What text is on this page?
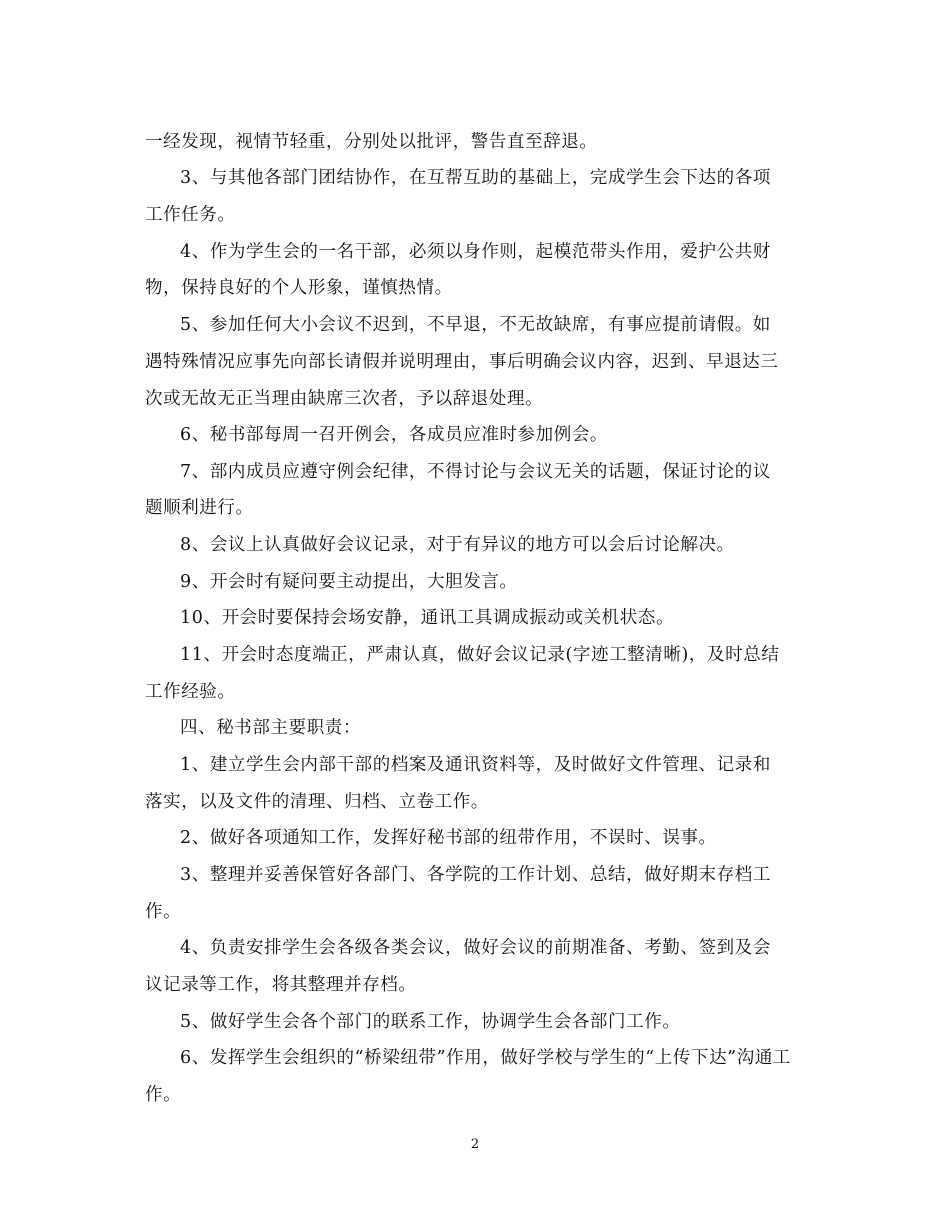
一经发现，视情节轻重，分别处以批评，警告直至辞退。
3、与其他各部门团结协作，在互帮互助的基础上，完成学生会下达的各项
工作任务。
4、作为学生会的一名干部，必须以身作则，起模范带头作用，爱护公共财
物，保持良好的个人形象，谨慎热情。
5、参加任何大小会议不迟到，不早退，不无故缺席，有事应提前请假。如
遇特殊情况应事先向部长请假并说明理由，事后明确会议内容，迟到、早退达三
次或无故无正当理由缺席三次者，予以辞退处理。
6、秘书部每周一召开例会，各成员应准时参加例会。
7、部内成员应遵守例会纪律，不得讨论与会议无关的话题，保证讨论的议
题顺利进行。
8、会议上认真做好会议记录，对于有异议的地方可以会后讨论解决。
9、开会时有疑问要主动提出，大胆发言。
10、开会时要保持会场安静，通讯工具调成振动或关机状态。
11、开会时态度端正，严肃认真，做好会议记录(字迹工整清晰)，及时总结
工作经验。
四、秘书部主要职责：
1、建立学生会内部干部的档案及通讯资料等，及时做好文件管理、记录和
落实，以及文件的清理、归档、立卷工作。
2、做好各项通知工作，发挥好秘书部的纽带作用，不误时、误事。
3、整理并妥善保管好各部门、各学院的工作计划、总结，做好期末存档工
作。
4、负责安排学生会各级各类会议，做好会议的前期准备、考勤、签到及会
议记录等工作，将其整理并存档。
5、做好学生会各个部门的联系工作，协调学生会各部门工作。
6、发挥学生会组织的“桥梁纽带”作用，做好学校与学生的“上传下达”沟通工
作。
2
